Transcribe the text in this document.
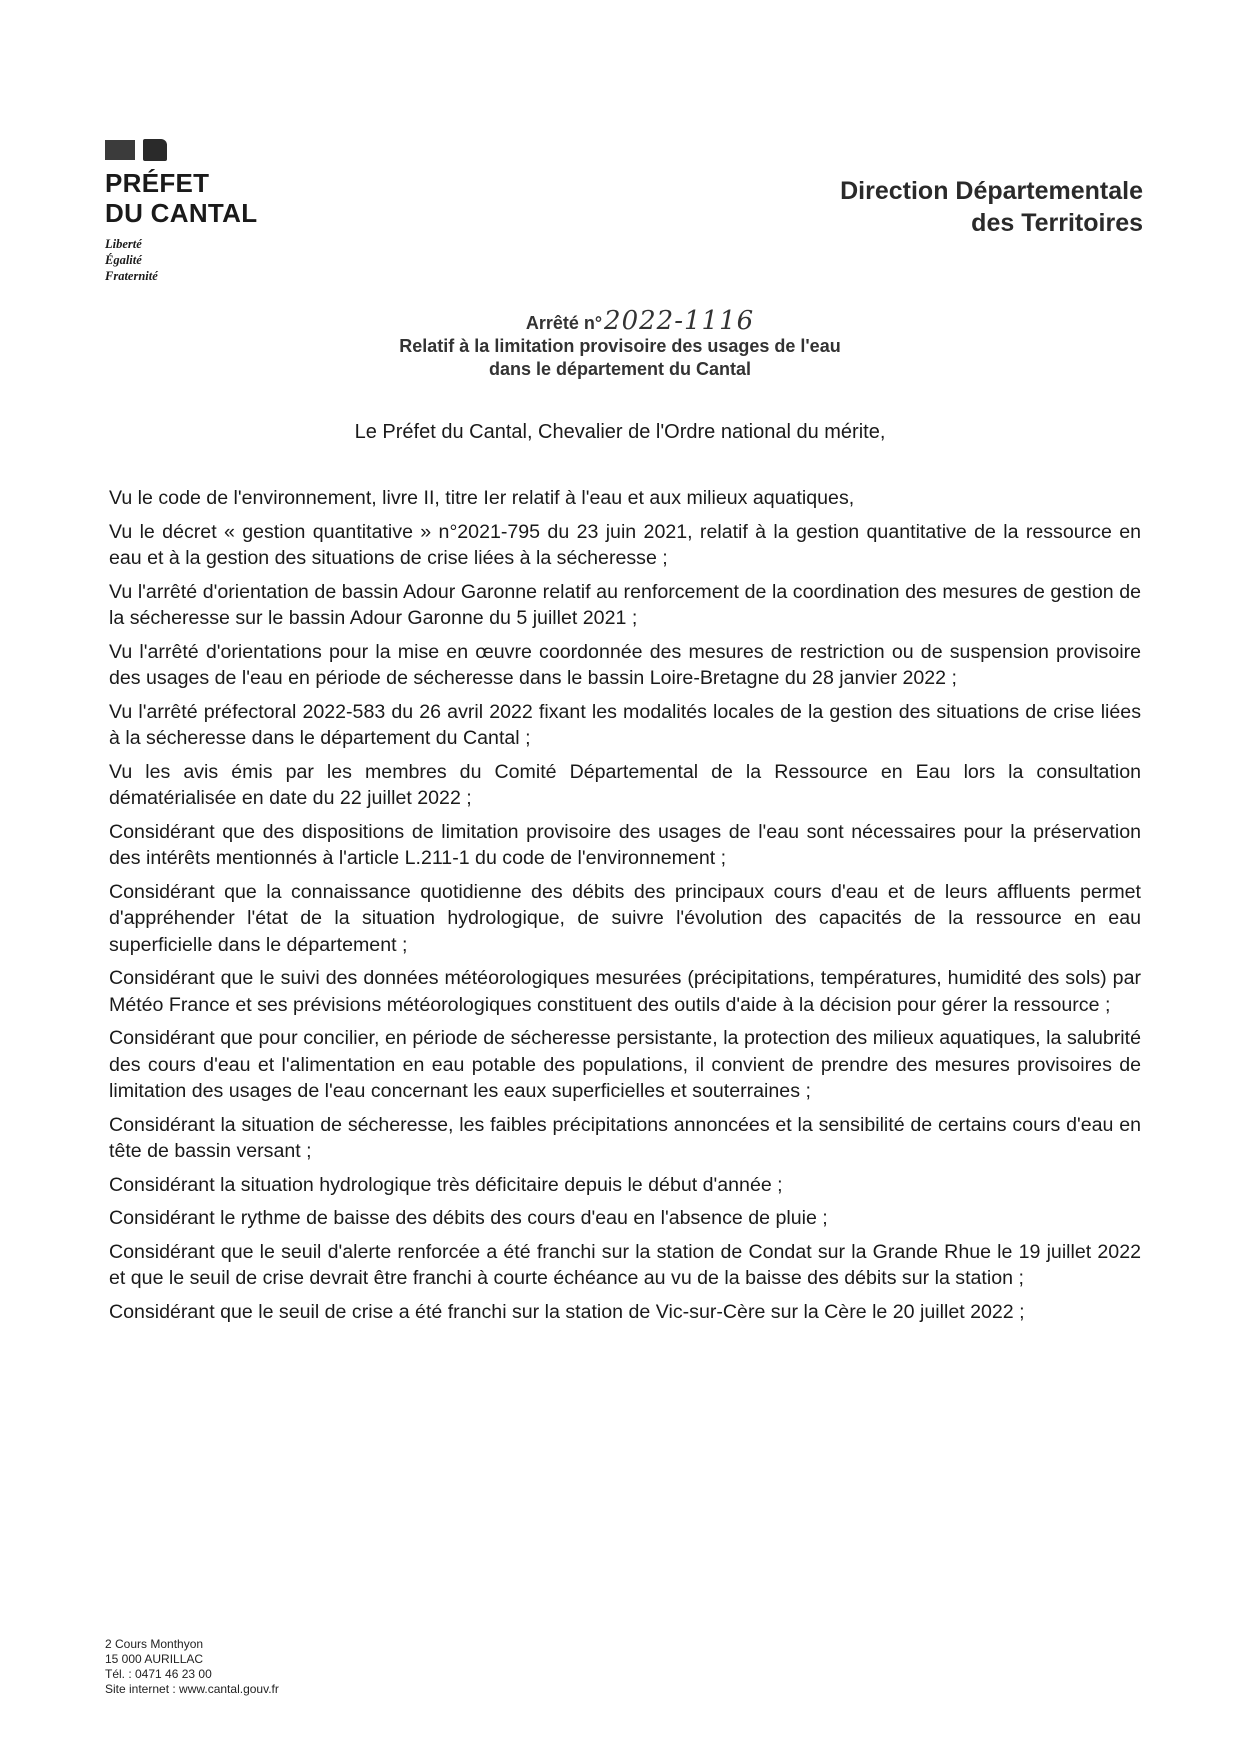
PRÉFET
DU CANTAL
Liberté
Égalité
Fraternité
Direction Départementale
des Territoires
Arrêté n°2022-1116
Relatif à la limitation provisoire des usages de l'eau
dans le département du Cantal
Le Préfet du Cantal, Chevalier de l'Ordre national du mérite,

Vu le code de l'environnement, livre II, titre Ier relatif à l'eau et aux milieux aquatiques,

Vu le décret « gestion quantitative » n°2021-795 du 23 juin 2021, relatif à la gestion quantitative de la ressource en eau et à la gestion des situations de crise liées à la sécheresse ;

Vu l'arrêté d'orientation de bassin Adour Garonne relatif au renforcement de la coordination des mesures de gestion de la sécheresse sur le bassin Adour Garonne du 5 juillet 2021 ;

Vu l'arrêté d'orientations pour la mise en œuvre coordonnée des mesures de restriction ou de suspension provisoire des usages de l'eau en période de sécheresse dans le bassin Loire-Bretagne du 28 janvier 2022 ;

Vu l'arrêté préfectoral 2022-583 du 26 avril 2022 fixant les modalités locales de la gestion des situations de crise liées à la sécheresse dans le département du Cantal ;

Vu les avis émis par les membres du Comité Départemental de la Ressource en Eau lors la consultation dématérialisée en date du 22 juillet 2022 ;

Considérant que des dispositions de limitation provisoire des usages de l'eau sont nécessaires pour la préservation des intérêts mentionnés à l'article L.211-1 du code de l'environnement ;

Considérant que la connaissance quotidienne des débits des principaux cours d'eau et de leurs affluents permet d'appréhender l'état de la situation hydrologique, de suivre l'évolution des capacités de la ressource en eau superficielle dans le département ;

Considérant que le suivi des données météorologiques mesurées (précipitations, températures, humidité des sols) par Météo France et ses prévisions météorologiques constituent des outils d'aide à la décision pour gérer la ressource ;

Considérant que pour concilier, en période de sécheresse persistante, la protection des milieux aquatiques, la salubrité des cours d'eau et l'alimentation en eau potable des populations, il convient de prendre des mesures provisoires de limitation des usages de l'eau concernant les eaux superficielles et souterraines ;

Considérant la situation de sécheresse, les faibles précipitations annoncées et la sensibilité de certains cours d'eau en tête de bassin versant ;

Considérant la situation hydrologique très déficitaire depuis le début d'année ;

Considérant le rythme de baisse des débits des cours d'eau en l'absence de pluie ;

Considérant que le seuil d'alerte renforcée a été franchi sur la station de Condat sur la Grande Rhue le 19 juillet 2022 et que le seuil de crise devrait être franchi à courte échéance au vu de la baisse des débits sur la station ;

Considérant que le seuil de crise a été franchi sur la station de Vic-sur-Cère sur la Cère le 20 juillet 2022 ;

2 Cours Monthyon
15 000 AURILLAC
Tél. : 0471 46 23 00
Site internet : www.cantal.gouv.fr
